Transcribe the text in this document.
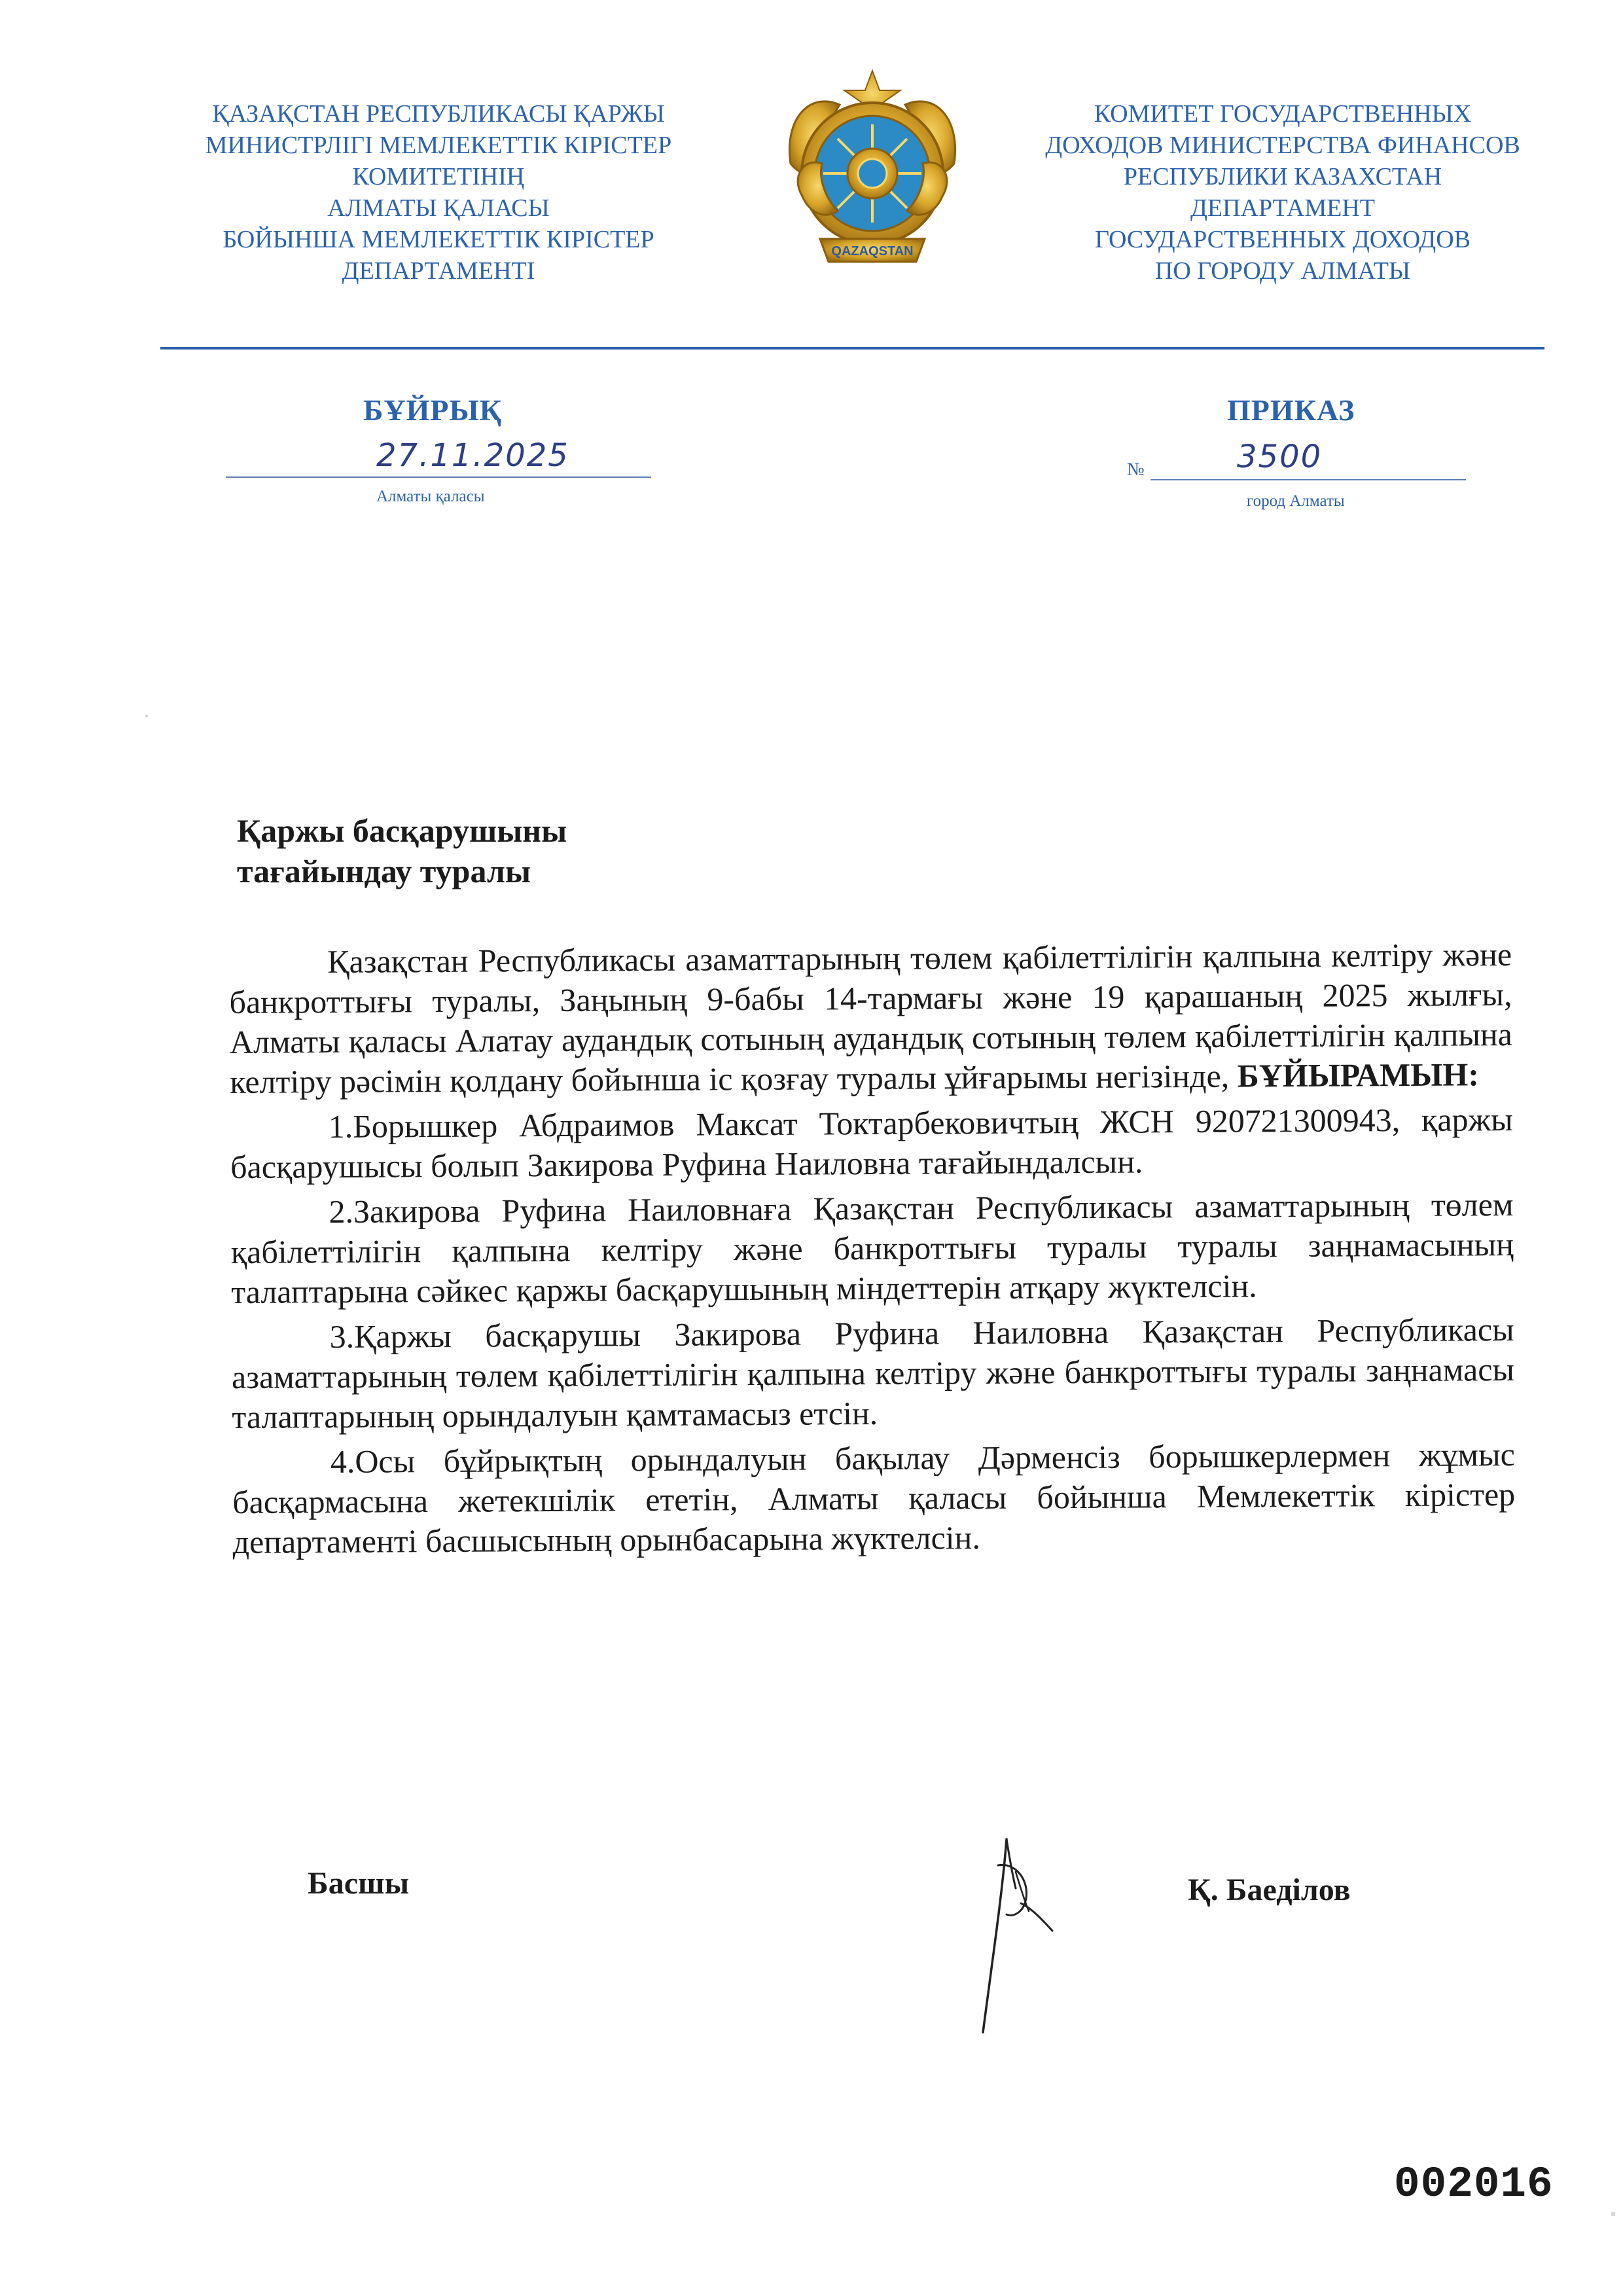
ҚАЗАҚСТАН РЕСПУБЛИКАСЫ ҚАРЖЫ
МИНИСТРЛІГІ МЕМЛЕКЕТТІК КІРІСТЕР
КОМИТЕТІНІҢ
АЛМАТЫ ҚАЛАСЫ
БОЙЫНША МЕМЛЕКЕТТІК КІРІСТЕР
ДЕПАРТАМЕНТІ
QAZAQSTAN
КОМИТЕТ ГОСУДАРСТВЕННЫХ
ДОХОДОВ МИНИСТЕРСТВА ФИНАНСОВ
РЕСПУБЛИКИ КАЗАХСТАН
ДЕПАРТАМЕНТ
ГОСУДАРСТВЕННЫХ ДОХОДОВ
ПО ГОРОДУ АЛМАТЫ
БҰЙРЫҚ	ПРИКАЗ
27.11.2025
Алматы қаласы
№	3500
город Алматы
Қаржы басқарушыны
тағайындау туралы

Қазақстан Республикасы азаматтарының төлем қабілеттілігін қалпына келтіру және банкроттығы туралы, Заңының 9-бабы 14-тармағы және 19 қарашаның 2025 жылғы, Алматы қаласы Алатау аудандық сотының аудандық сотының төлем қабілеттілігін қалпына келтіру рәсімін қолдану бойынша іс қозғау туралы ұйғарымы негізінде, БҰЙЫРАМЫН:

1.Борышкер Абдраимов Максат Токтарбековичтың ЖСН 920721300943, қаржы басқарушысы болып Закирова Руфина Наиловна тағайындалсын.

2.Закирова Руфина Наиловнаға Қазақстан Республикасы азаматтарының төлем қабілеттілігін қалпына келтіру және банкроттығы туралы туралы заңнамасының талаптарына сәйкес қаржы басқарушының міндеттерін атқару жүктелсін.

3.Қаржы басқарушы Закирова Руфина Наиловна Қазақстан Республикасы азаматтарының төлем қабілеттілігін қалпына келтіру және банкроттығы туралы заңнамасы талаптарының орындалуын қамтамасыз етсін.

4.Осы бұйрықтың орындалуын бақылау Дәрменсіз борышкерлермен жұмыс басқармасына жетекшілік ететін, Алматы қаласы бойынша Мемлекеттік кірістер департаменті басшысының орынбасарына жүктелсін.

Басшы	Қ. Баеділов
002016
